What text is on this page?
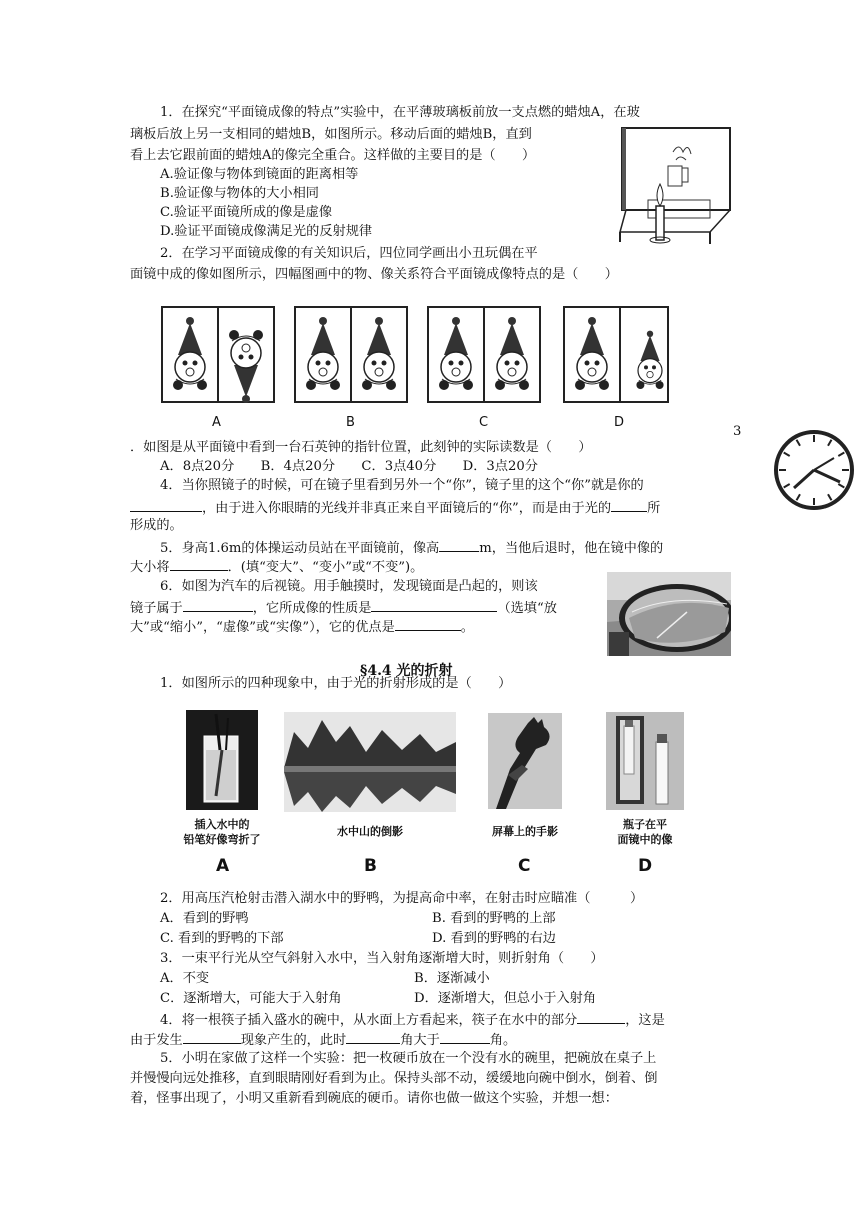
1．在探究“平面镜成像的特点”实验中，在平薄玻璃板前放一支点燃的蜡烛A，在玻
璃板后放上另一支相同的蜡烛B，如图所示。移动后面的蜡烛B，直到
看上去它跟前面的蜡烛A的像完全重合。这样做的主要目的是（　　）
A.验证像与物体到镜面的距离相等
B.验证像与物体的大小相同
C.验证平面镜所成的像是虚像
D.验证平面镜成像满足光的反射规律
2．在学习平面镜成像的有关知识后，四位同学画出小丑玩偶在平
面镜中成的像如图所示，四幅图画中的物、像关系符合平面镜成像特点的是（　　）
A	B	C	D
3
．如图是从平面镜中看到一台石英钟的指针位置，此刻钟的实际读数是（　　）
A．8点20分　　B．4点20分　　C．3点40分　　D．3点20分
4．当你照镜子的时候，可在镜子里看到另外一个“你”，镜子里的这个“你”就是你的
，由于进入你眼睛的光线并非真正来自平面镜后的“你”，而是由于光的	所
形成的。
5．身高1.6m的体操运动员站在平面镜前，像高	m，当他后退时，他在镜中像的
大小将	．(填“变大”、“变小”或“不变”)。
6．如图为汽车的后视镜。用手触摸时，发现镜面是凸起的，则该
镜子属于	，它所成像的性质是	（选填“放
大”或“缩小”，“虚像”或“实像”），它的优点是	。
§4.4 光的折射
1．如图所示的四种现象中，由于光的折射形成的是（　　）
插入水中的
铅笔好像弯折了
水中山的倒影	屏幕上的手影
瓶子在平
面镜中的像
A	B	C	D
2．用高压汽枪射击潜入湖水中的野鸭，为提高命中率，在射击时应瞄准（　　　）
A．看到的野鸭	B. 看到的野鸭的上部
C. 看到的野鸭的下部	D. 看到的野鸭的右边
3．一束平行光从空气斜射入水中，当入射角逐渐增大时，则折射角（　　）
A．不变	B．逐渐减小
C．逐渐增大，可能大于入射角	D．逐渐增大，但总小于入射角
4．将一根筷子插入盛水的碗中，从水面上方看起来，筷子在水中的部分	，这是
由于发生	现象产生的，此时	角大于	角。
5．小明在家做了这样一个实验：把一枚硬币放在一个没有水的碗里，把碗放在桌子上
并慢慢向远处推移，直到眼睛刚好看到为止。保持头部不动，缓缓地向碗中倒水，倒着、倒
着，怪事出现了，小明又重新看到碗底的硬币。请你也做一做这个实验，并想一想：
